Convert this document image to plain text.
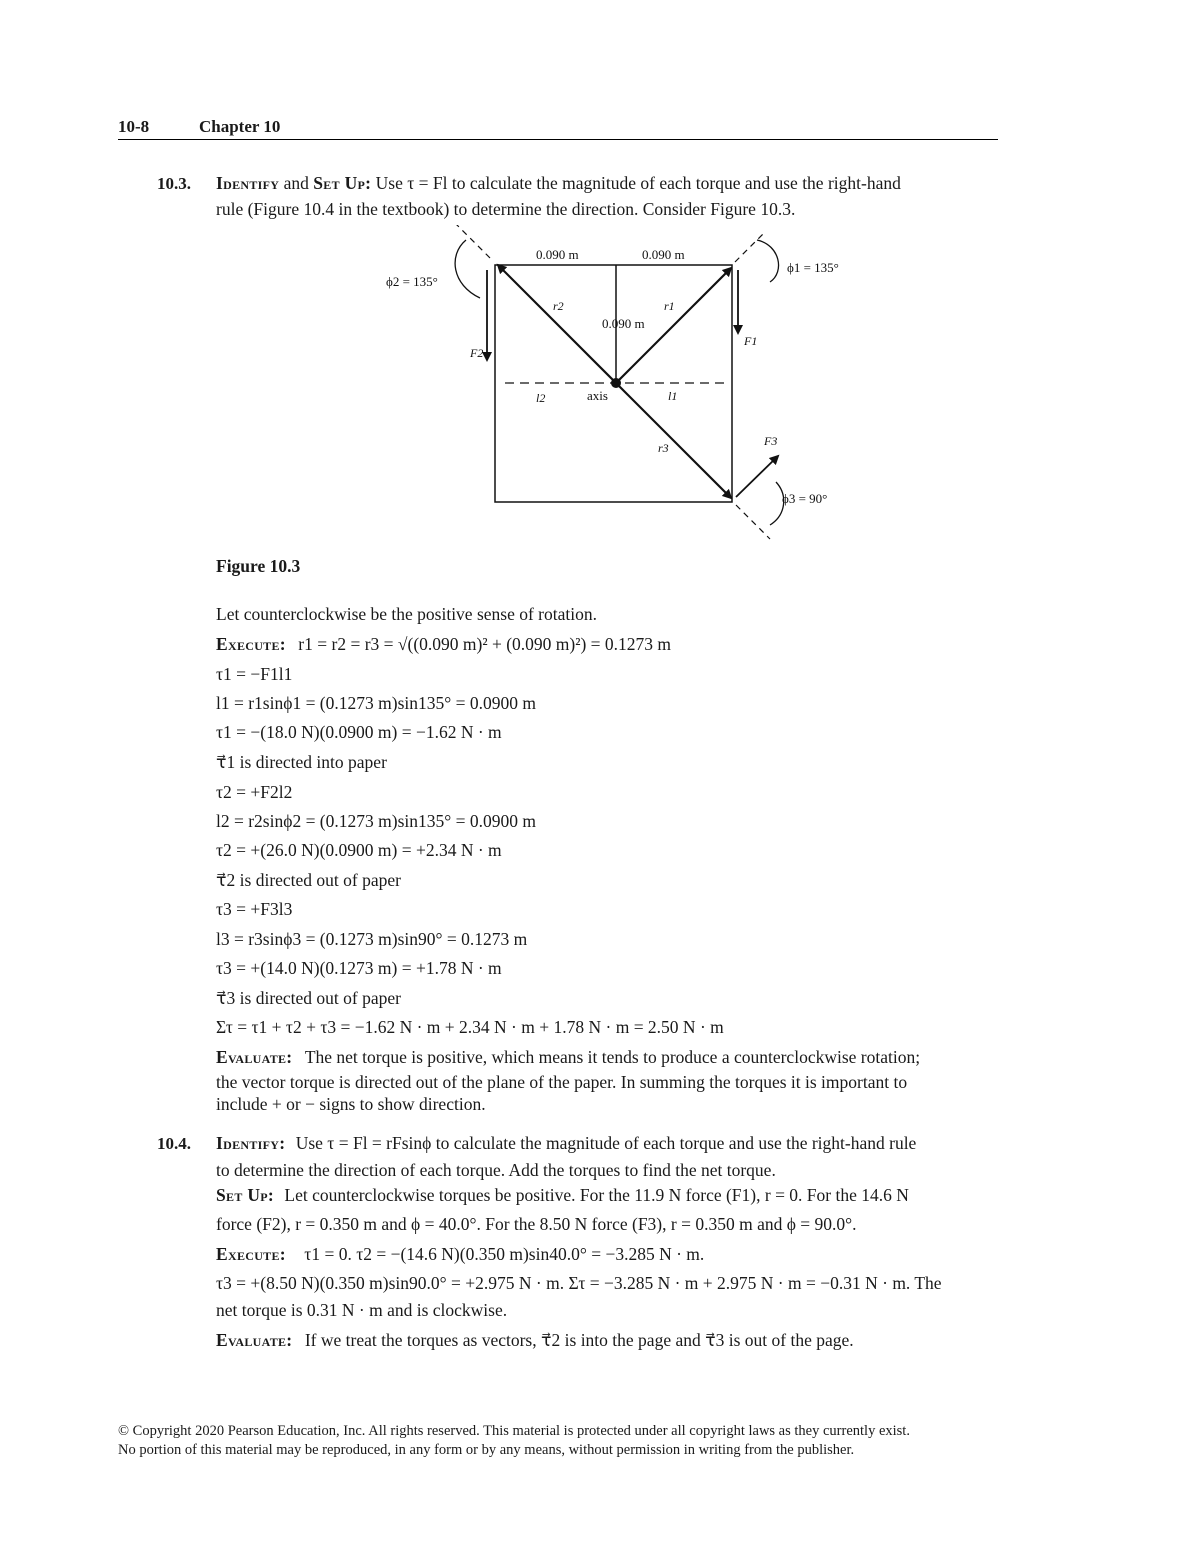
10-8	Chapter 10
10.3. Identify and Set Up: Use τ = Fl to calculate the magnitude of each torque and use the right-hand
rule (Figure 10.4 in the textbook) to determine the direction. Consider Figure 10.3.
0.090 m	0.090 m
0.090 m
ϕ1 = 135°
ϕ2 = 135°
ϕ3 = 90°
axis
r1
r2
r3
l1
l2
F1
F2
F3
Figure 10.3
Let counterclockwise be the positive sense of rotation.
Execute: r1 = r2 = r3 = √((0.090 m)² + (0.090 m)²) = 0.1273 m
τ1 = −F1l1
l1 = r1sinϕ1 = (0.1273 m)sin135° = 0.0900 m
τ1 = −(18.0 N)(0.0900 m) = −1.62 N · m
τ⃗1 is directed into paper
τ2 = +F2l2
l2 = r2sinϕ2 = (0.1273 m)sin135° = 0.0900 m
τ2 = +(26.0 N)(0.0900 m) = +2.34 N · m
τ⃗2 is directed out of paper
τ3 = +F3l3
l3 = r3sinϕ3 = (0.1273 m)sin90° = 0.1273 m
τ3 = +(14.0 N)(0.1273 m) = +1.78 N · m
τ⃗3 is directed out of paper
Στ = τ1 + τ2 + τ3 = −1.62 N · m + 2.34 N · m + 1.78 N · m = 2.50 N · m
Evaluate: The net torque is positive, which means it tends to produce a counterclockwise rotation;
the vector torque is directed out of the plane of the paper. In summing the torques it is important to
include + or − signs to show direction.
10.4. Identify: Use τ = Fl = rFsinϕ to calculate the magnitude of each torque and use the right-hand rule
to determine the direction of each torque. Add the torques to find the net torque.
Set Up: Let counterclockwise torques be positive. For the 11.9 N force (F1), r = 0. For the 14.6 N
force (F2), r = 0.350 m and ϕ = 40.0°. For the 8.50 N force (F3), r = 0.350 m and ϕ = 90.0°.
Execute: τ1 = 0. τ2 = −(14.6 N)(0.350 m)sin40.0° = −3.285 N · m.
τ3 = +(8.50 N)(0.350 m)sin90.0° = +2.975 N · m. Στ = −3.285 N · m + 2.975 N · m = −0.31 N · m. The
net torque is 0.31 N · m and is clockwise.
Evaluate: If we treat the torques as vectors, τ⃗2 is into the page and τ⃗3 is out of the page.
© Copyright 2020 Pearson Education, Inc. All rights reserved. This material is protected under all copyright laws as they currently exist.
No portion of this material may be reproduced, in any form or by any means, without permission in writing from the publisher.
